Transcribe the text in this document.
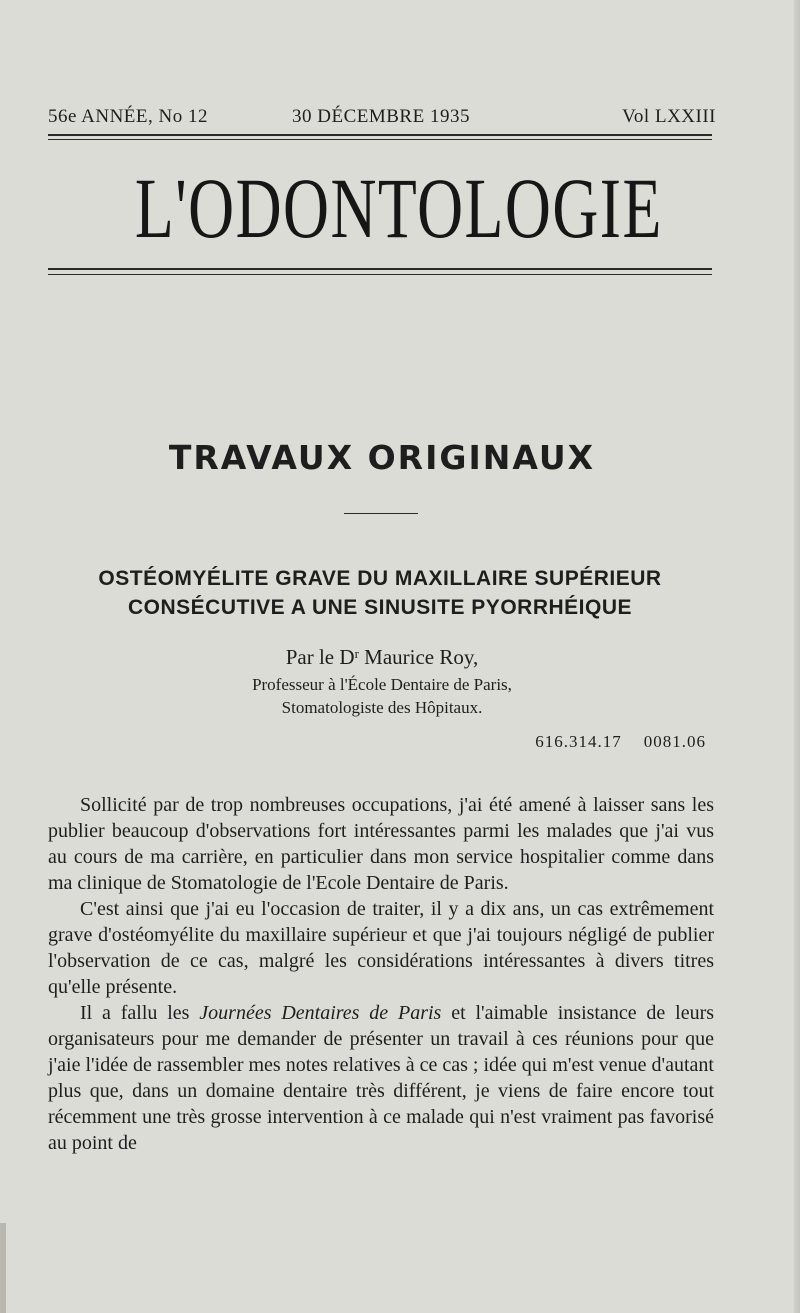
56e ANNÉE, No 12	30 DÉCEMBRE 1935	Vol LXXIII
L'ODONTOLOGIE
TRAVAUX ORIGINAUX
OSTÉOMYÉLITE GRAVE DU MAXILLAIRE SUPÉRIEUR
CONSÉCUTIVE A UNE SINUSITE PYORRHÉIQUE
Par le $D^r$ Maurice Roy,
Professeur à l'École Dentaire de Paris,
Stomatologiste des Hôpitaux.
616.314.17 0081.06

Sollicité par de trop nombreuses occupations, j'ai été amené à laisser sans les publier beaucoup d'observations fort intéressantes parmi les malades que j'ai vus au cours de ma carrière, en particulier dans mon service hospitalier comme dans ma clinique de Stomatologie de l'Ecole Dentaire de Paris.

C'est ainsi que j'ai eu l'occasion de traiter, il y a dix ans, un cas extrêmement grave d'ostéomyélite du maxillaire supérieur et que j'ai toujours négligé de publier l'observation de ce cas, malgré les considérations intéressantes à divers titres qu'elle présente.

Il a fallu les Journées Dentaires de Paris et l'aimable insistance de leurs organisateurs pour me demander de présenter un travail à ces réunions pour que j'aie l'idée de rassembler mes notes relatives à ce cas ; idée qui m'est venue d'autant plus que, dans un domaine dentaire très différent, je viens de faire encore tout récemment une très grosse intervention à ce malade qui n'est vraiment pas favorisé au point de
